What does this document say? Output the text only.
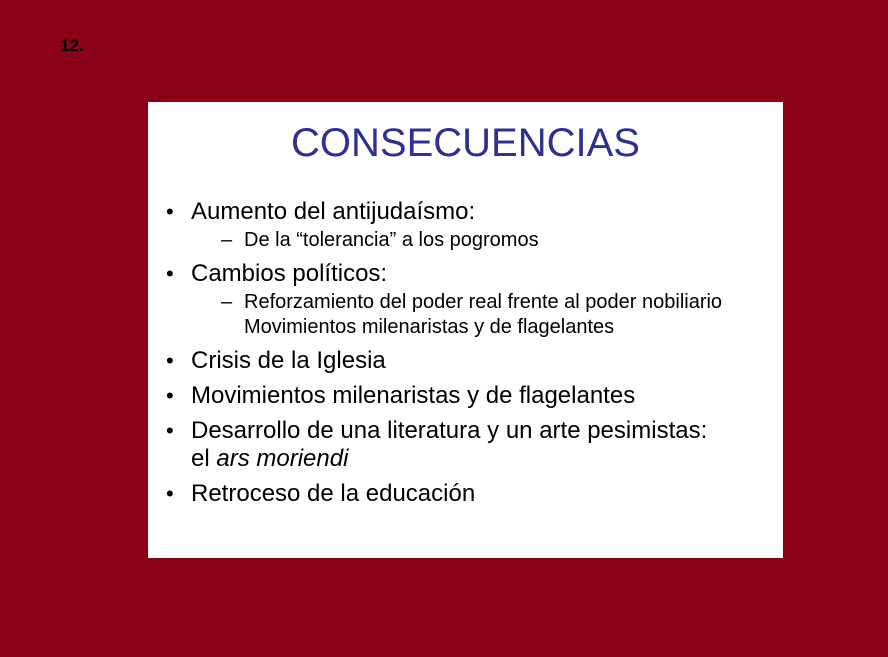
12.
CONSECUENCIAS
• Aumento del antijudaísmo:
– De la “tolerancia” a los pogromos
• Cambios políticos:
– Reforzamiento del poder real frente al poder nobiliario
Movimientos milenaristas y de flagelantes
• Crisis de la Iglesia
• Movimientos milenaristas y de flagelantes
• Desarrollo de una literatura y un arte pesimistas:
el ars moriendi
• Retroceso de la educación
